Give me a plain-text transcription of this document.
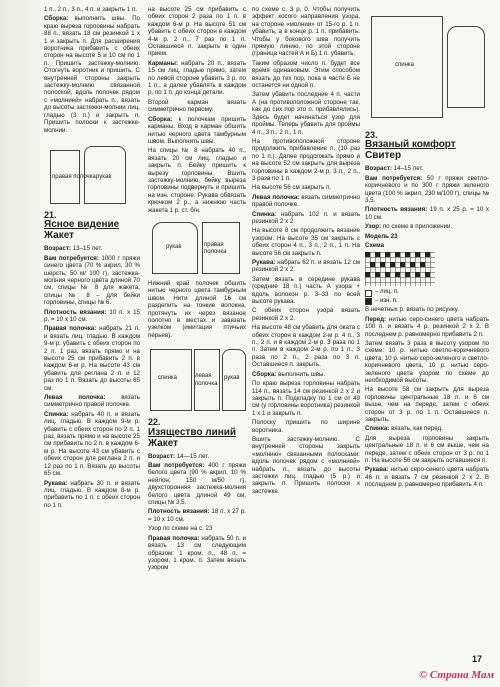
1 п., 2 п., 3 п., 4 п. и закрыть 1 п.

Сборка: выполнить швы. По краю выреза горловины набрать 88 п., вязать 18 см резинкой 1 х 1 и закрыть п. Для расширения воротника прибавить с обеих сторон на высоте 5 и 10 см по 1 п. Пришить застежку-молнию. Отогнуть воротник и пришить. С внутренней стороны закрыть застежку-молнию связанной полоской, вдоль полочек рядом с «молнией» набрать п., вязать до высоты застежки-молнии лиц. гладью (3 п.) и закрыть п. Пришить полоски к застежке-молнии.

правая полочка рукав
21.
Ясное видение
Жакет

Возраст: 13–15 лет.

Вам потребуется: 1000 г пряжи синего цвета (70 % акрил, 30 % шерсть; 50 м/ 100 г), застежка-молния черного цвета длиной 70 см, спицы № 8 для жакета, спицы № 8 – для бейки горловины, спицы № 6.

Плотность вязания: 10 п. х 15 р. = 10 х 10 см.

Правая полочка: набрать 21 п. и вязать лиц. гладью. В каждом 9-м р. убавить с обеих сторон по 2 п. 1 раз, вязать прямо и на высоте 25 см прибавить 2 п. в каждом 6-м р. На высоте 43 см убавить для реглана 2 п. и 12 раз по 1 п. Вязать до высоты 65 см.

Левая полочка: вязать симметрично правой полочке.

Спинка: набрать 40 п. и вязать лиц. гладью. В каждом 9-м р. убавить с обеих сторон по 2 п. 1 раз, вязать прямо и на высоте 25 см прибавить по 2 п. в каждом 6-м р. На высоте 43 см убавить с обеих сторон для реглана 2 п. и 12 раз по 1 п. Вязать до высоты 65 см.

Рукава: набрать 30 п. и вязать лиц. гладью. В каждом 8-м р. прибавить по 1 п. с обеих сторон по 1 п.

на высоте 25 см прибавить с обеих сторон 2 раза по 1 п. в каждом 6-м р. На высоте 51 см убавить с обеих сторон в каждом 4-м р. 2 п., 7 раз по 1 п. Оставшиеся п. закрыть в один прием.

Карманы: набрать 20 п., вязать 15 см лиц. гладью прямо, затем по левой стороне убавить 3 р. по 1 п., а далее убавлять в каждом р. по 1 п. до конца детали.

Второй карман вязать симметрично первому.

Сборка: к полочкам пришить карманы. Вход в карман обшить нитью черного цвета тамбурным швом. Выполнить швы.

На спицы № 8 набрать 40 п., вязать 20 см лиц. гладью и закрыть п. Бейку пришить к вырезу горловины. Вшить застежку-молнию, бейку выреза горловины подвернуть и пришить на изн. стороне. Рукава обвязать крючком 2 р., а нижнюю часть жакета 1 р. ст. б/н.

рукав	правая полочка

Нижний край полочек обшить нитью черного цвета тамбурным швом. Нити длиной 16 см разделить на тонкие волокна, протянуть их через вязаное полотно в местах и завязать узелком (имитация птичьих перьев).

спинка	левая полочка
рукав
22.
Изящество линий
Жакет

Возраст: 14—15 лет.

Вам потребуется: 400 г пряжи белого цвета (90 % акрил, 10 % нейлон; 150 м/50 г), двухсторонняя застежка-молния белого цвета длиной 49 см, спицы № 3,5.

Плотность вязания: 18 п. х 27 р. = 10 х 10 см.

Узор по схеме на с. 23

Правая полочка: набрать 50 п. и вязать 13 см следующим образом: 1 кром. п., 48 п. = узором, 1 кром. п. Затем вязать узором

по схеме с. 3 р. 0. Чтобы получить эффект косого направления узора, на стороне «молнии» от 15-го р. 1 п. убавить, а в конце р. 1 п. прибавить. Чтобы у бокового шва получить прямую линию, по этой стороне (граница частей А и Б) 1 п. убавить.

Таким образом число п. будет все время одинаковым. Этим способом вязать до тех пор, пока в части Б не останется ни одной п.

Затем убавить последние 4 п. части А (на противоположной стороне так, как до сих пор это п. прибавлялись). Здесь будет начинаться узор для проймы. Теперь убавить для проймы 4 п., 3 п., 2 п., 1 п.

На противоположной стороне продолжить прибавление п. (10 раз по 1 п.). Далее продолжать прямо и на высоте 52 см закрыть для выреза горловины в каждом 2-м р. 3 п., 2 п., 3 раза по 1 п.

На высоте 56 см закрыть п.

Левая полочка: вязать симметрично правой полочке.

Спинка: набрать 102 п. и вязать резинкой 2 х 2.

На высоте 8 см продолжить вязание узором. На высоте 35 см закрыть с обеих сторон 4 п., 3 п., 2 п., 1 п. На высоте 56 см закрыть п.

Рукава: набрать 62 п. и вязать 12 см резинкой 2 х 2.

Затем вязать в середине рукава (средние 18 п.) часть А узора + вдоль волокон р. 3–33 по всей высоте рукава.

С обеих сторон узора вязать резинкой 2 х 2.

На высоте 48 см убавить для оката с обеих сторон в каждом 2-м р. 4 п., 3 п., 2 п. и в каждом 2-м р. 3 раза по 1 п. Затем в каждом 2-м р. по 1 п., 3 раза по 2 п., 2 раза по 3 п. Оставшиеся п. закрыть.

Сборка: выполнить швы.

По краю выреза горловины набрать 114 п., вязать 14 см резинкой 2 х 2 и закрыть п. Подкладку по 1 см от 49 см (у горловины воротника) резинкой 1 х 1 и закрыть п.

Полоску пришить по ширине воротника.

Вшить застежку-молнию. С внутренней стороны закрыть «молнию» связанными полосками: вдоль полочек рядом с «молнией» набрать п., вязать до высоты застежки лиц. гладью (5 р.) и закрыть п. Пришить полоски к застежке.

спинка
23.
Вязаный комфорт
Свитер

Возраст: 14–15 лет.

Вам потребуется: 50 г пряжи светло-коричневого и по 300 г пряжи зеленого цвета (100 % акрил, 230 м/100 г), спицы № 3,5.

Плотность вязания: 19 п. х 25 р. = 10 х 10 см.

Узор: по схеме в приложении.

Модель 23

Схема

– лиц. п.
– изн. п.

В нечетных р. вязать по рисунку.

Перед: нитью серо-синего цвета набрать 100 п. и вязать 4 р. резинкой 2 х 2. В последнем р. равномерно прибавить 2 п.

Затем вязать 3 раза в высоту узором по схеме: 10 р. нитью светло-коричневого цвета, 10 р. нитью серо-зеленого и светло-коричневого цвета, 10 р. нитью серо-зеленого цвета узором по схеме до необходимой высоты.

На высоте 58 см закрыть для выреза горловины центральные 18 п. и 6 см выше, чем на переде, затем с обеих сторон от 3 р. по 1 п. Оставшиеся п. закрыть.

Спинка: вязать, как перед.

Для выреза горловины закрыть центральные 18 п. и 6 см выше, чем на переде, затем с обеих сторон от 3 р. по 1 п. На высоте 56 см закрыть оставшиеся п.

Рукава: нитью серо-синего цвета набрать 46 п. и вязать 7 см резинкой 2 х 2. В последнем р. равномерно прибавить 4 п.

17
© Страна Мам
